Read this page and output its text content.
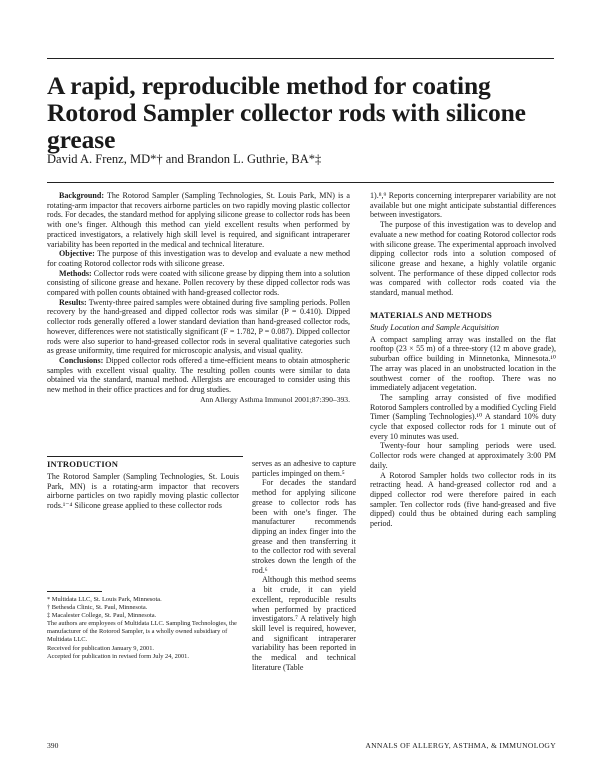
A rapid, reproducible method for coating Rotorod Sampler collector rods with silicone grease
David A. Frenz, MD*† and Brandon L. Guthrie, BA*‡

Background: The Rotorod Sampler (Sampling Technologies, St. Louis Park, MN) is a rotating-arm impactor that recovers airborne particles on two rapidly moving plastic collector rods. For decades, the standard method for applying silicone grease to collector rods has been with one’s finger. Although this method can yield excellent results when performed by practiced investigators, a relatively high skill level is required, and significant intraperarer variability has been reported in the medical and technical literature.

Objective: The purpose of this investigation was to develop and evaluate a new method for coating Rotorod collector rods with silicone grease.

Methods: Collector rods were coated with silicone grease by dipping them into a solution consisting of silicone grease and hexane. Pollen recovery by these dipped collector rods was compared with pollen counts obtained with hand-greased collector rods.

Results: Twenty-three paired samples were obtained during five sampling periods. Pollen recovery by the hand-greased and dipped collector rods was similar (P = 0.410). Dipped collector rods generally offered a lower standard deviation than hand-greased collector rods, however, differences were not statistically significant (F = 1.782, P = 0.087). Dipped collector rods were also superior to hand-greased collector rods in several qualitative categories such as grease uniformity, time required for microscopic analysis, and visual quality.

Conclusions: Dipped collector rods offered a time-efficient means to obtain atmospheric samples with excellent visual quality. The resulting pollen counts were similar to data obtained via the standard, manual method. Allergists are encouraged to consider using this new method in their office practices and for drug studies.

Ann Allergy Asthma Immunol 2001;87:390–393.

1).⁸,⁹ Reports concerning interpreparer variability are not available but one might anticipate substantial differences between investigators.

The purpose of this investigation was to develop and evaluate a new method for coating Rotorod collector rods with silicone grease. The experimental approach involved dipping collector rods into a solution composed of silicone grease and hexane, a highly volatile organic solvent. The performance of these dipped collector rods was compared with collector rods coated via the standard, manual method.

MATERIALS AND METHODS
Study Location and Sample Acquisition

A compact sampling array was installed on the flat rooftop (23 × 55 m) of a three-story (12 m above grade), suburban office building in Minnetonka, Minnesota.¹⁰ The array was placed in an unobstructed location in the southwest corner of the rooftop. There was no immediately adjacent vegetation.

The sampling array consisted of five modified Rotorod Samplers controlled by a modified Cycling Field Timer (Sampling Technologies).¹⁰ A standard 10% duty cycle that exposed collector rods for 1 minute out of every 10 minutes was used.

Twenty-four hour sampling periods were used. Collector rods were changed at approximately 3:00 PM daily.

A Rotorod Sampler holds two collector rods in its retracting head. A hand-greased collector rod and a dipped collector rod were therefore paired in each sampler. Ten collector rods (five hand-greased and five dipped) could thus be obtained during each sampling period.

INTRODUCTION

The Rotorod Sampler (Sampling Technologies, St. Louis Park, MN) is a rotating-arm impactor that recovers airborne particles on two rapidly moving plastic collector rods.¹⁻⁴ Silicone grease applied to these collector rods

serves as an adhesive to capture particles impinged on them.⁵

For decades the standard method for applying silicone grease to collector rods has been with one’s finger. The manufacturer recommends dipping an index finger into the grease and then transferring it to the collector rod with several strokes down the length of the rod.⁶

Although this method seems a bit crude, it can yield excellent, reproducible results when performed by practiced investigators.⁷ A relatively high skill level is required, however, and significant intraperarer variability has been reported in the medical and technical literature (Table

* Multidata LLC, St. Louis Park, Minnesota.
† Bethesda Clinic, St. Paul, Minnesota.
‡ Macalester College, St. Paul, Minnesota.
The authors are employees of Multidata LLC. Sampling Technologies, the manufacturer of the Rotorod Sampler, is a wholly owned subsidiary of Multidata LLC.
Received for publication January 9, 2001.
Accepted for publication in revised form July 24, 2001.
390	ANNALS OF ALLERGY, ASTHMA, & IMMUNOLOGY
